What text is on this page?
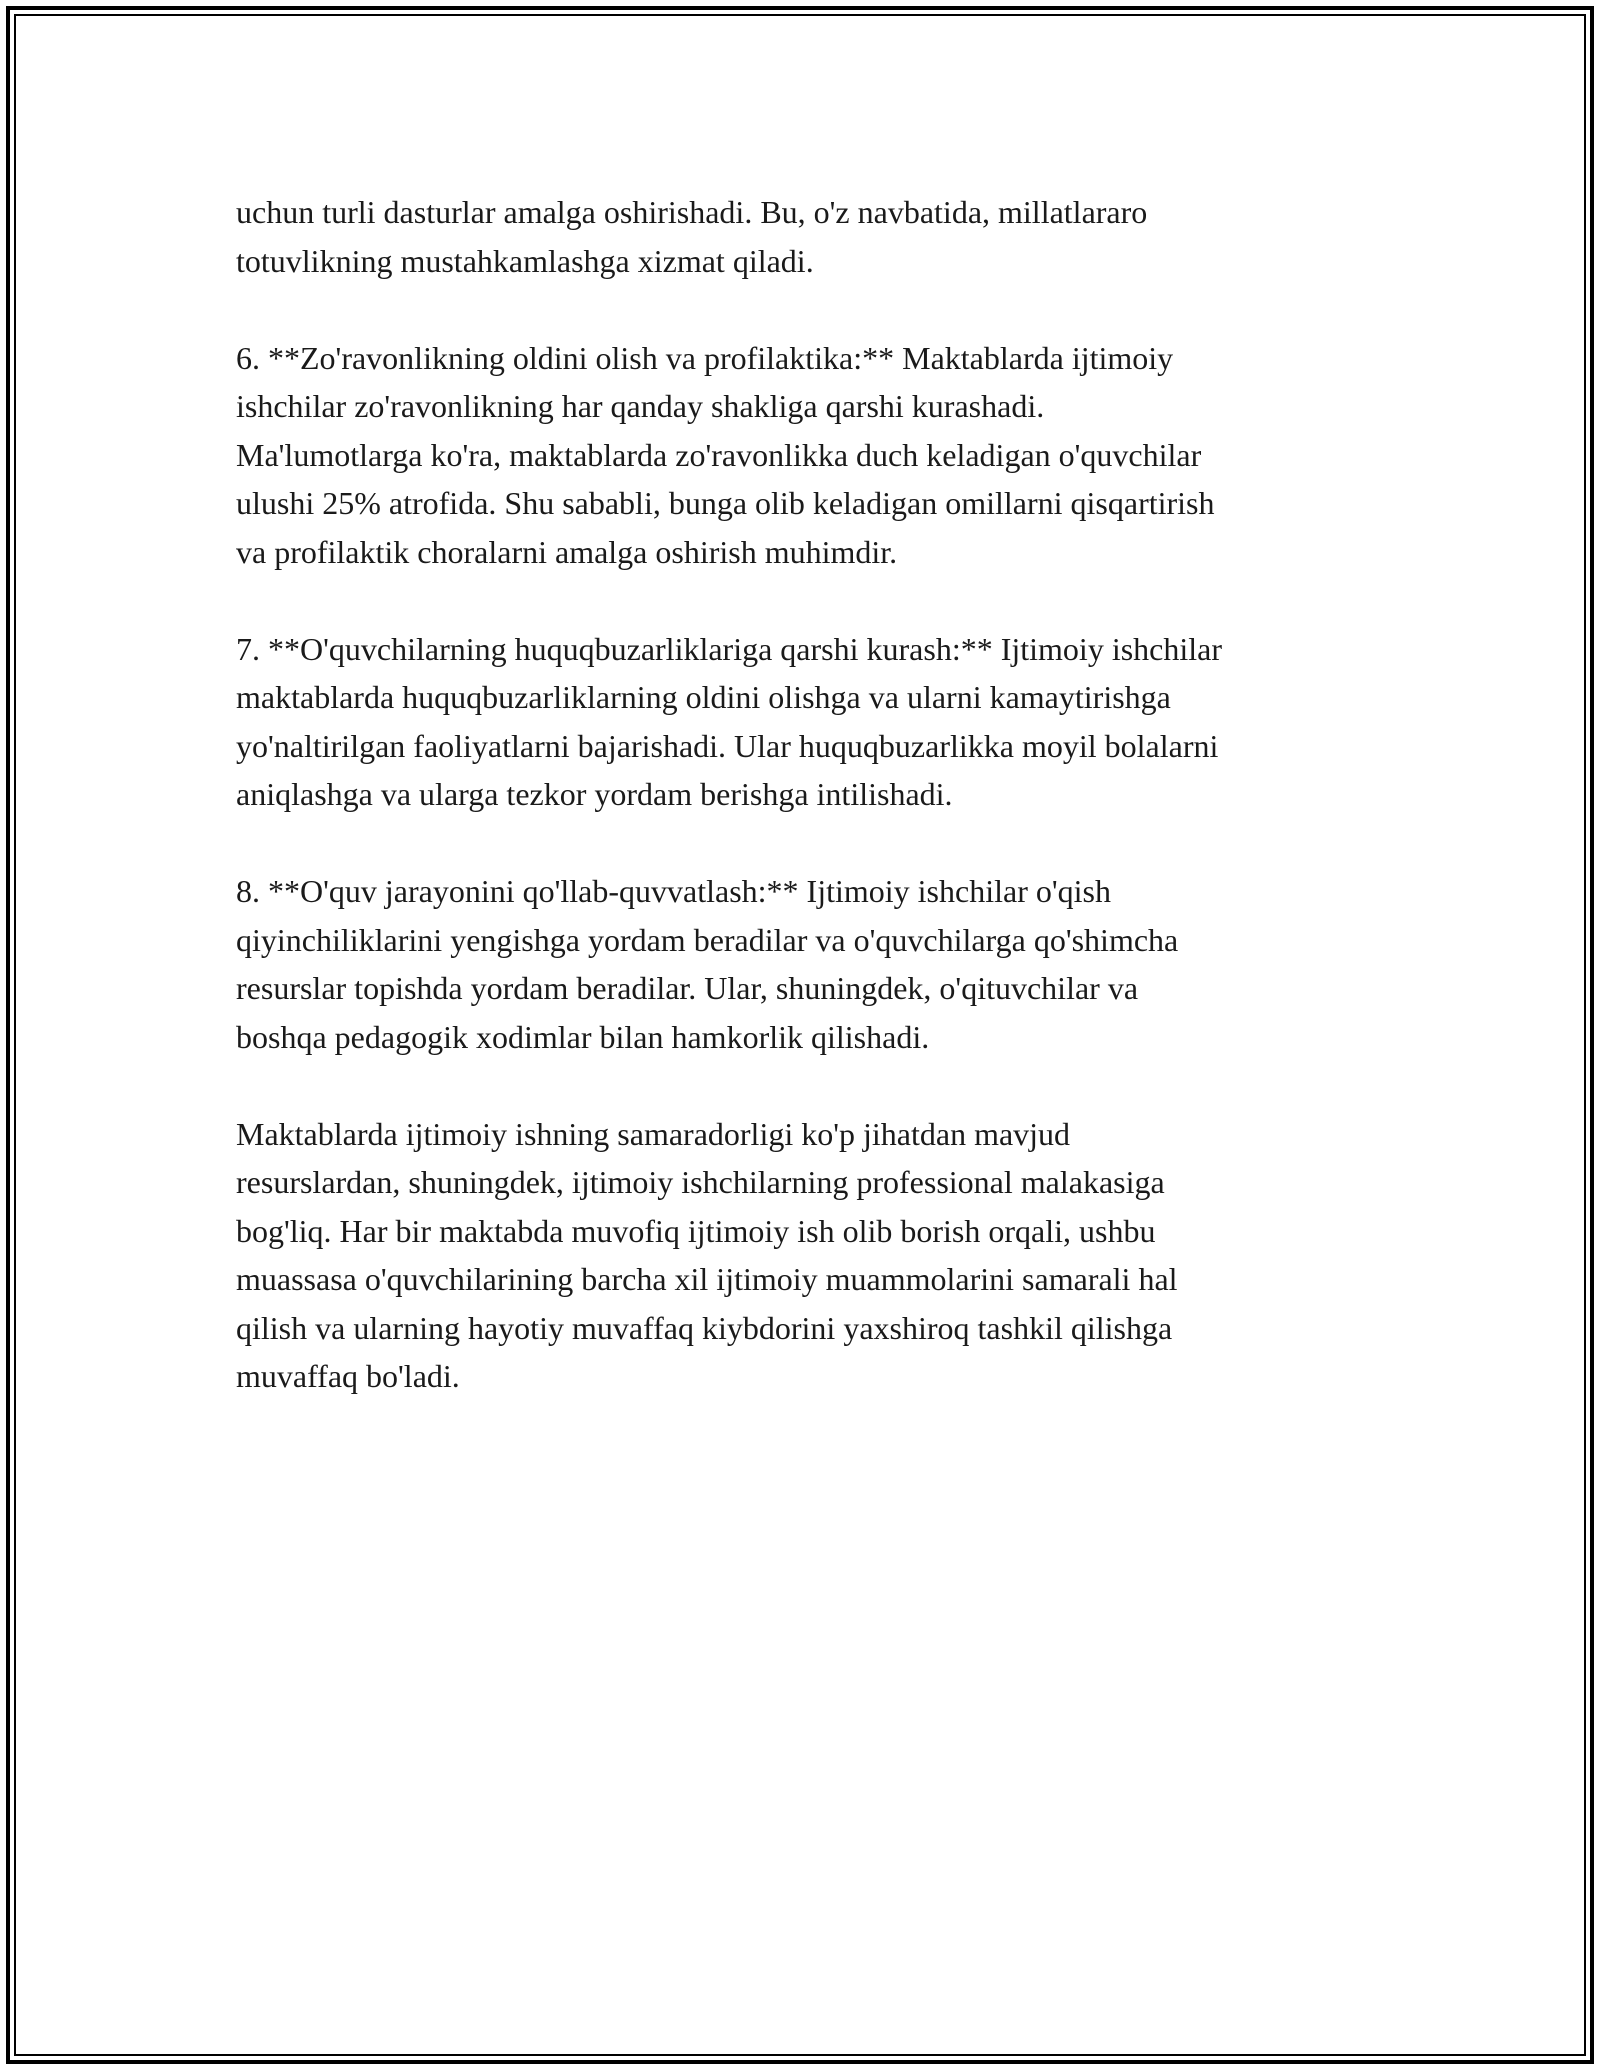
uchun turli dasturlar amalga oshirishadi. Bu, o'z navbatida, millatlararo
totuvlikning mustahkamlashga xizmat qiladi.

6. **Zo'ravonlikning oldini olish va profilaktika:** Maktablarda ijtimoiy
ishchilar zo'ravonlikning har qanday shakliga qarshi kurashadi.
Ma'lumotlarga ko'ra, maktablarda zo'ravonlikka duch keladigan o'quvchilar
ulushi 25% atrofida. Shu sababli, bunga olib keladigan omillarni qisqartirish
va profilaktik choralarni amalga oshirish muhimdir.

7. **O'quvchilarning huquqbuzarliklariga qarshi kurash:** Ijtimoiy ishchilar
maktablarda huquqbuzarliklarning oldini olishga va ularni kamaytirishga
yo'naltirilgan faoliyatlarni bajarishadi. Ular huquqbuzarlikka moyil bolalarni
aniqlashga va ularga tezkor yordam berishga intilishadi.

8. **O'quv jarayonini qo'llab-quvvatlash:** Ijtimoiy ishchilar o'qish
qiyinchiliklarini yengishga yordam beradilar va o'quvchilarga qo'shimcha
resurslar topishda yordam beradilar. Ular, shuningdek, o'qituvchilar va
boshqa pedagogik xodimlar bilan hamkorlik qilishadi.

Maktablarda ijtimoiy ishning samaradorligi ko'p jihatdan mavjud
resurslardan, shuningdek, ijtimoiy ishchilarning professional malakasiga
bog'liq. Har bir maktabda muvofiq ijtimoiy ish olib borish orqali, ushbu
muassasa o'quvchilarining barcha xil ijtimoiy muammolarini samarali hal
qilish va ularning hayotiy muvaffaq kiybdorini yaxshiroq tashkil qilishga
muvaffaq bo'ladi.
